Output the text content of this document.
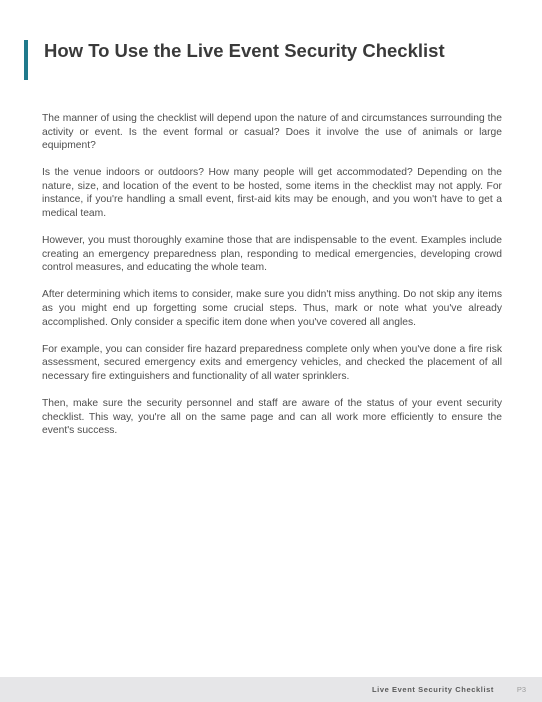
How To Use the Live Event Security Checklist

The manner of using the checklist will depend upon the nature of and circumstances surrounding the activity or event. Is the event formal or casual? Does it involve the use of animals or large equipment?

Is the venue indoors or outdoors? How many people will get accommodated? Depending on the nature, size, and location of the event to be hosted, some items in the checklist may not apply. For instance, if you're handling a small event, first-aid kits may be enough, and you won't have to get a medical team.

However, you must thoroughly examine those that are indispensable to the event. Examples include creating an emergency preparedness plan, responding to medical emergencies, developing crowd control measures, and educating the whole team.

After determining which items to consider, make sure you didn't miss anything. Do not skip any items as you might end up forgetting some crucial steps. Thus, mark or note what you've already accomplished. Only consider a specific item done when you've covered all angles.

For example, you can consider fire hazard preparedness complete only when you've done a fire risk assessment, secured emergency exits and emergency vehicles, and checked the placement of all necessary fire extinguishers and functionality of all water sprinklers.

Then, make sure the security personnel and staff are aware of the status of your event security checklist. This way, you're all on the same page and can all work more efficiently to ensure the event's success.

Live Event Security Checklist	P3
